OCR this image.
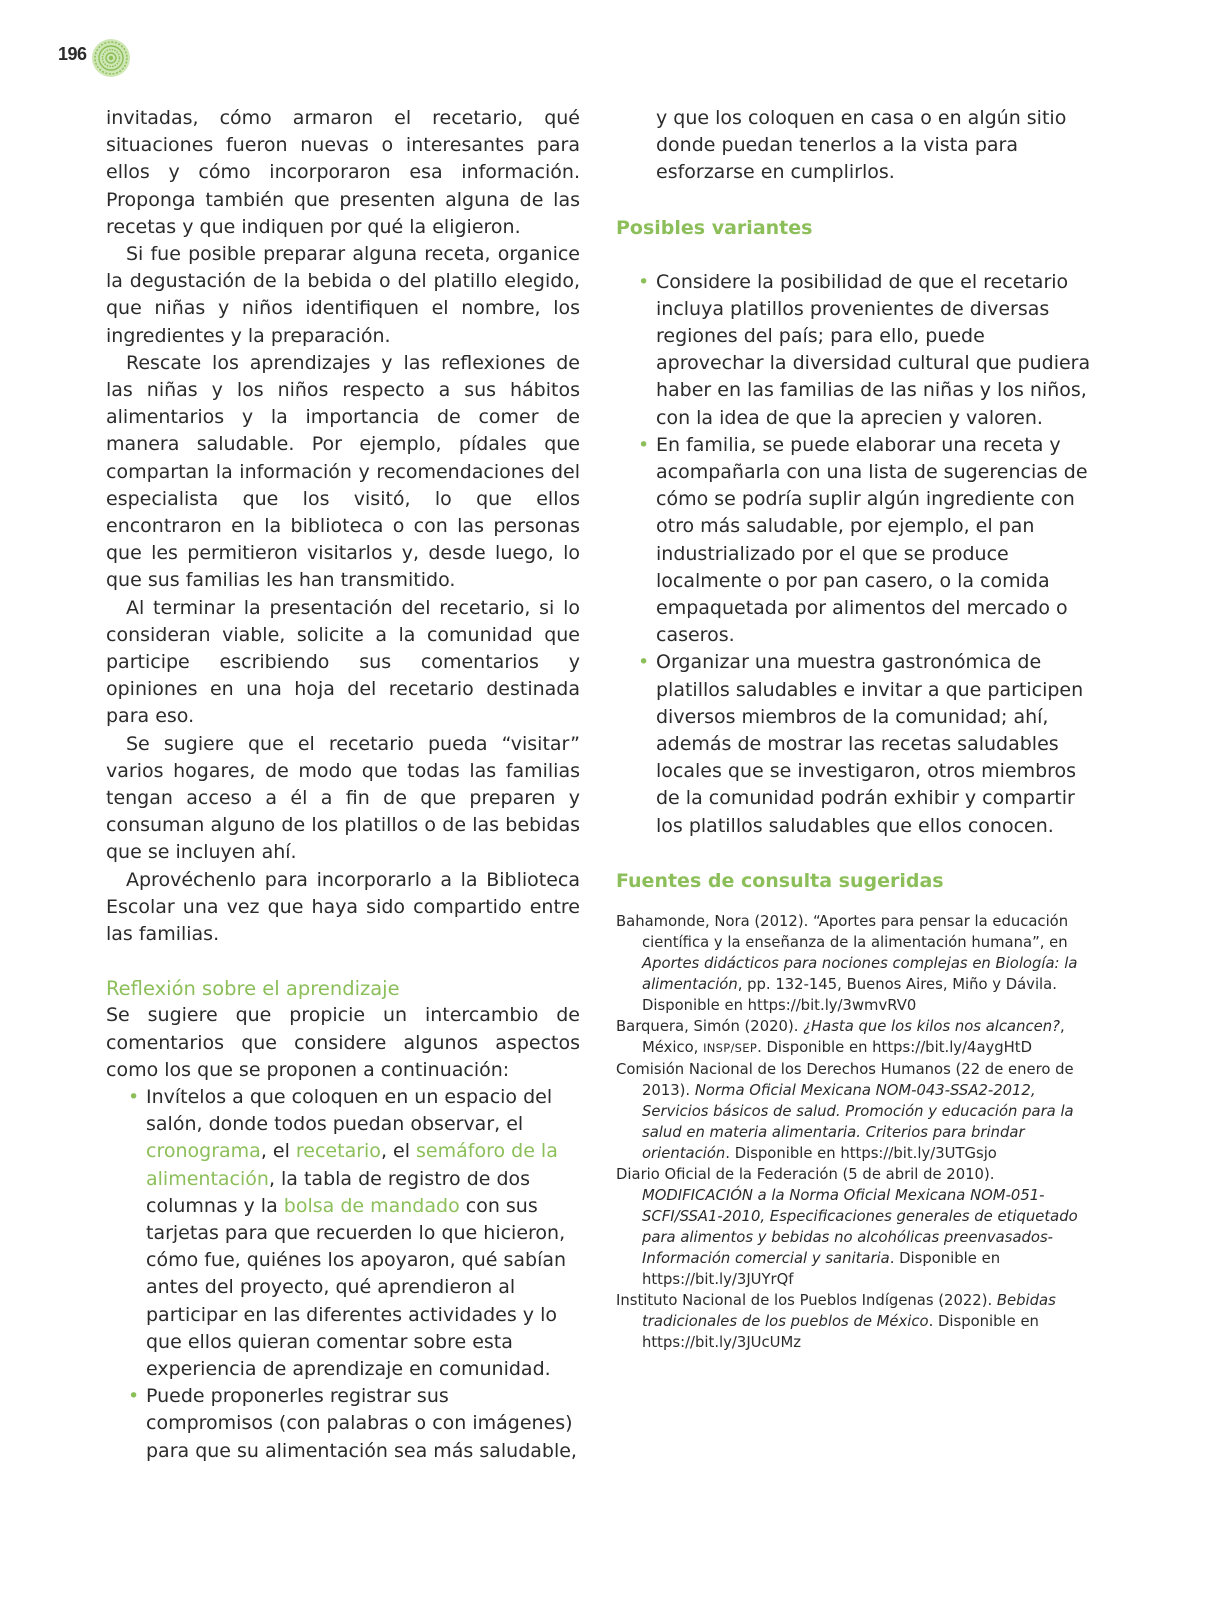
196

invitadas, cómo armaron el recetario, qué situaciones fueron nuevas o interesantes para ellos y cómo incorporaron esa información. Proponga también que presenten alguna de las recetas y que indiquen por qué la eligieron.

Si fue posible preparar alguna receta, organice la degustación de la bebida o del platillo elegido, que niñas y niños identifiquen el nombre, los ingredientes y la preparación.

Rescate los aprendizajes y las reflexiones de las niñas y los niños respecto a sus hábitos alimentarios y la importancia de comer de manera saludable. Por ejemplo, pídales que compartan la información y recomendaciones del especialista que los visitó, lo que ellos encontraron en la biblioteca o con las personas que les permitieron visitarlos y, desde luego, lo que sus familias les han transmitido.

Al terminar la presentación del recetario, si lo consideran viable, solicite a la comunidad que participe escribiendo sus comentarios y opiniones en una hoja del recetario destinada para eso.

Se sugiere que el recetario pueda “visitar” varios hogares, de modo que todas las familias tengan acceso a él a fin de que preparen y consuman alguno de los platillos o de las bebidas que se incluyen ahí.

Aprovéchenlo para incorporarlo a la Biblioteca Escolar una vez que haya sido compartido entre las familias.

Reflexión sobre el aprendizaje

Se sugiere que propicie un intercambio de comentarios que considere algunos aspectos como los que se proponen a continuación:

• Invítelos a que coloquen en un espacio del salón, donde todos puedan observar, el cronograma, el recetario, el semáforo de la alimentación, la tabla de registro de dos columnas y la bolsa de mandado con sus tarjetas para que recuerden lo que hicieron, cómo fue, quiénes los apoyaron, qué sabían antes del proyecto, qué aprendieron al participar en las diferentes actividades y lo que ellos quieran comentar sobre esta experiencia de aprendizaje en comunidad.
• Puede proponerles registrar sus compromisos (con palabras o con imágenes) para que su alimentación sea más saludable,

y que los coloquen en casa o en algún sitio donde puedan tenerlos a la vista para esforzarse en cumplirlos.

Posibles variantes

• Considere la posibilidad de que el recetario incluya platillos provenientes de diversas regiones del país; para ello, puede aprovechar la diversidad cultural que pudiera haber en las familias de las niñas y los niños, con la idea de que la aprecien y valoren.
• En familia, se puede elaborar una receta y acompañarla con una lista de sugerencias de cómo se podría suplir algún ingrediente con otro más saludable, por ejemplo, el pan industrializado por el que se produce localmente o por pan casero, o la comida empaquetada por alimentos del mercado o caseros.
• Organizar una muestra gastronómica de platillos saludables e invitar a que participen diversos miembros de la comunidad; ahí, además de mostrar las recetas saludables locales que se investigaron, otros miembros de la comunidad podrán exhibir y compartir los platillos saludables que ellos conocen.

Fuentes de consulta sugeridas

Bahamonde, Nora (2012). “Aportes para pensar la educación científica y la enseñanza de la alimentación humana”, en Aportes didácticos para nociones complejas en Biología: la alimentación, pp. 132-145, Buenos Aires, Miño y Dávila. Disponible en https://bit.ly/3wmvRV0

Barquera, Simón (2020). ¿Hasta que los kilos nos alcancen?, México, INSP/SEP. Disponible en https://bit.ly/4aygHtD

Comisión Nacional de los Derechos Humanos (22 de enero de 2013). Norma Oficial Mexicana NOM-043-SSA2-2012, Servicios básicos de salud. Promoción y educación para la salud en materia alimentaria. Criterios para brindar orientación. Disponible en https://bit.ly/3UTGsjo

Diario Oficial de la Federación (5 de abril de 2010). MODIFICACIÓN a la Norma Oficial Mexicana NOM-051-SCFI/SSA1-2010, Especificaciones generales de etiquetado para alimentos y bebidas no alcohólicas preenvasados-Información comercial y sanitaria. Disponible en https://bit.ly/3JUYrQf

Instituto Nacional de los Pueblos Indígenas (2022). Bebidas tradicionales de los pueblos de México. Disponible en https://bit.ly/3JUcUMz
